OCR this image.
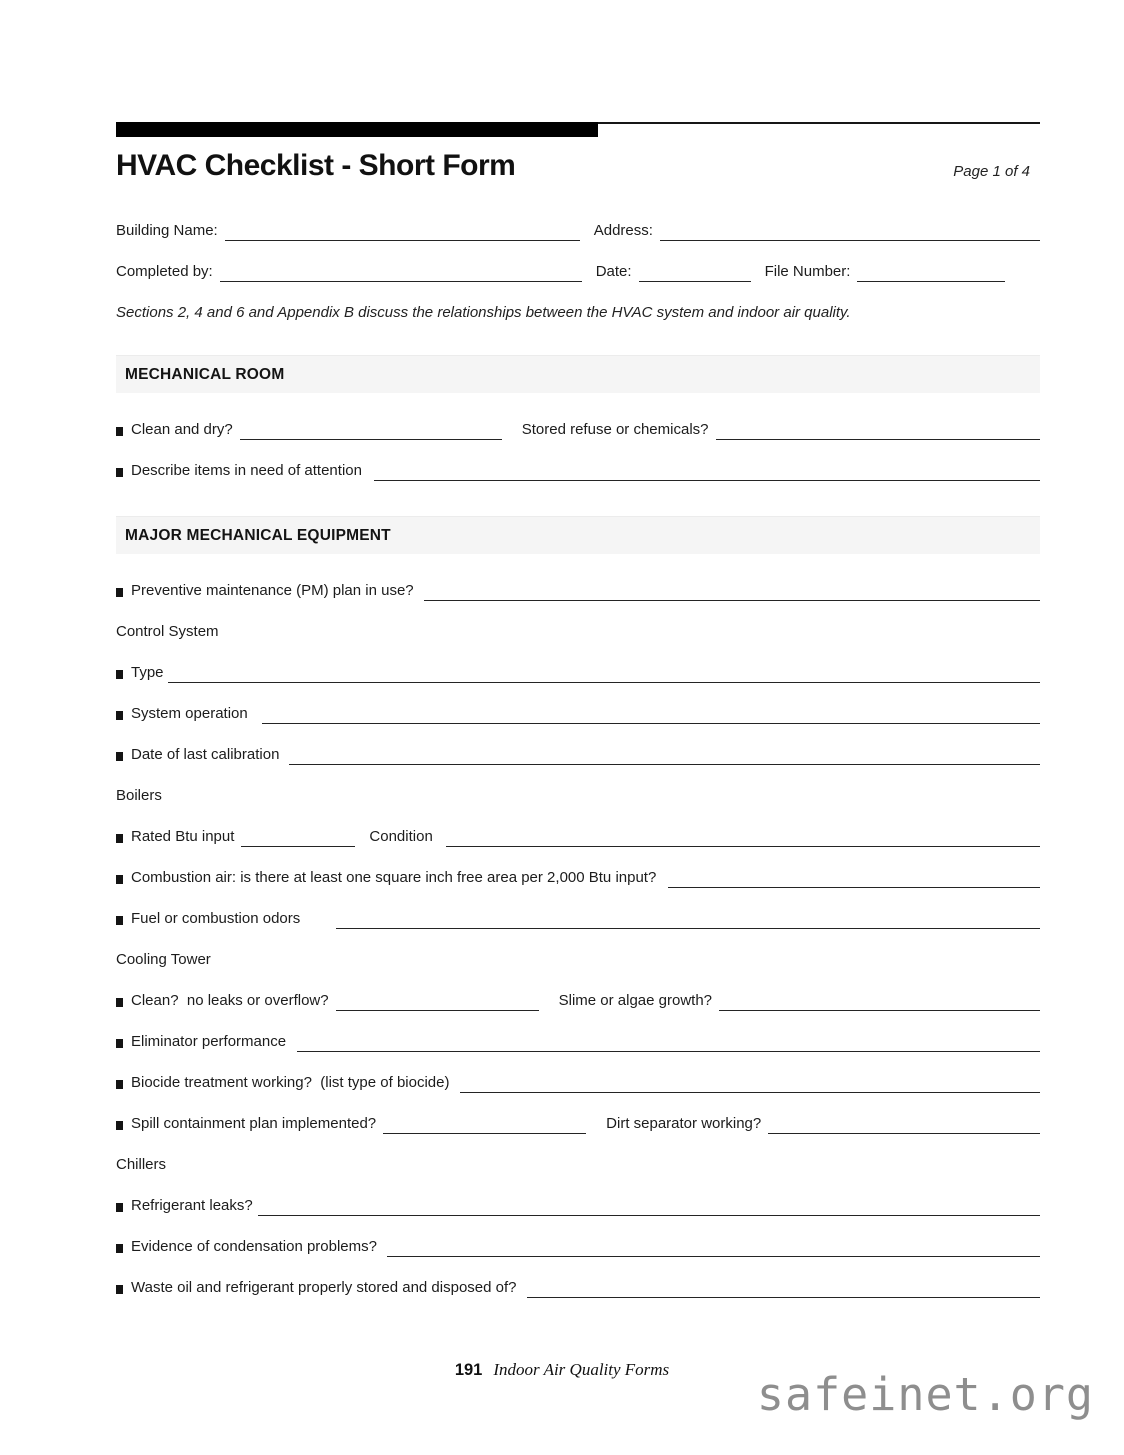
HVAC Checklist - Short Form	Page 1 of 4
Building Name:	Address:
Completed by:	Date:	File Number:
Sections 2, 4 and 6 and Appendix B discuss the relationships between the HVAC system and indoor air quality.
MECHANICAL ROOM
Clean and dry?	Stored refuse or chemicals?
Describe items in need of attention
MAJOR MECHANICAL EQUIPMENT
Preventive maintenance (PM) plan in use?
Control System
Type
System operation
Date of last calibration
Boilers
Rated Btu input	Condition
Combustion air: is there at least one square inch free area per 2,000 Btu input?
Fuel or combustion odors
Cooling Tower
Clean?  no leaks or overflow?	Slime or algae growth?
Eliminator performance
Biocide treatment working?  (list type of biocide)
Spill containment plan implemented?	Dirt separator working?
Chillers
Refrigerant leaks?
Evidence of condensation problems?
Waste oil and refrigerant properly stored and disposed of?
191 Indoor Air Quality Forms safeinet.org
